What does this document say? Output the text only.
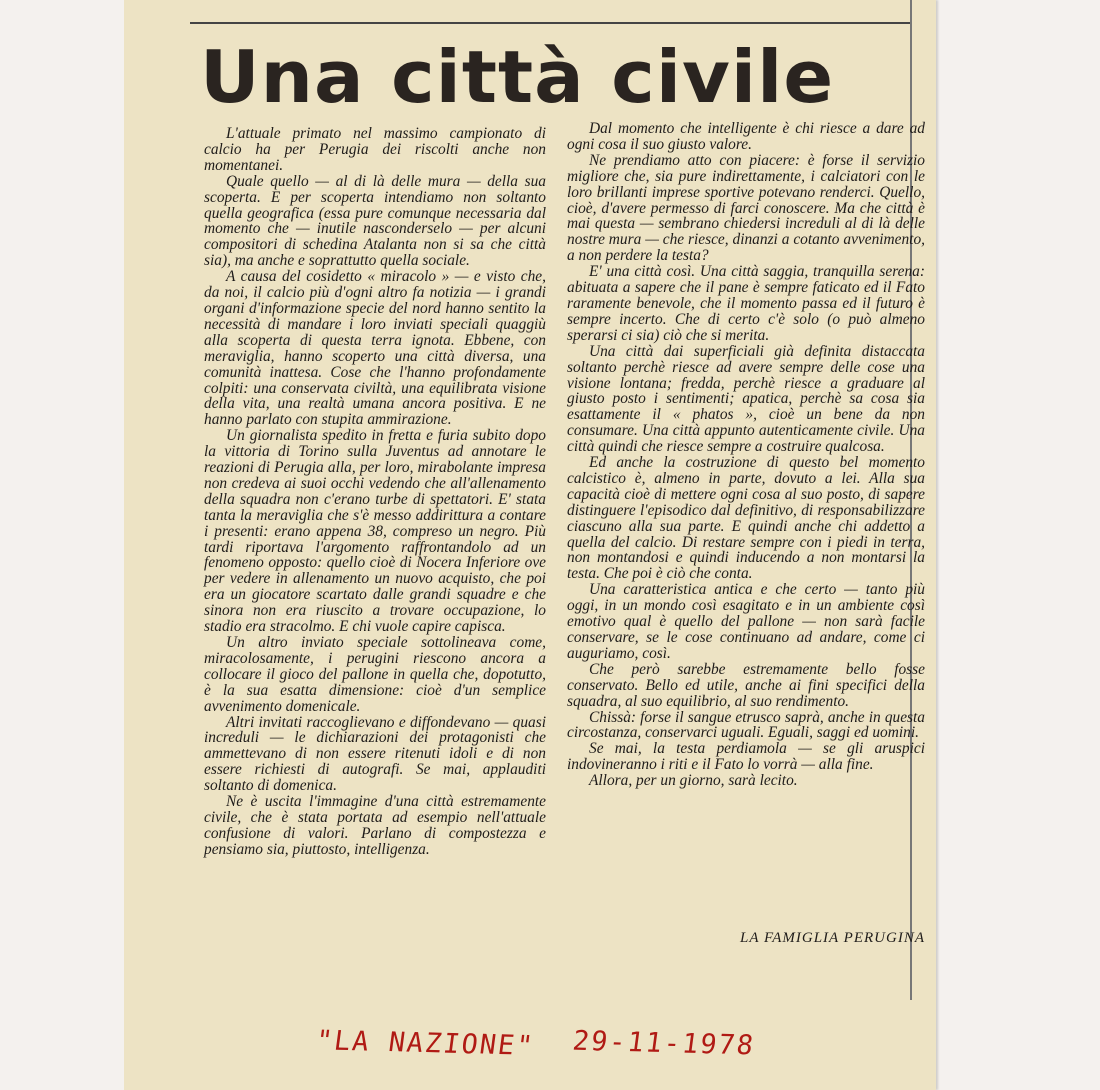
Una città civile

L'attuale primato nel massimo campionato di calcio ha per Perugia dei riscolti anche non momentanei.

Quale quello — al di là delle mura — della sua scoperta. E per scoperta intendiamo non soltanto quella geografica (essa pure comunque necessaria dal momento che — inutile nasconderselo — per alcuni compositori di schedina Atalanta non si sa che città sia), ma anche e soprattutto quella sociale.

A causa del cosidetto « miracolo » — e visto che, da noi, il calcio più d'ogni altro fa notizia — i grandi organi d'informazione specie del nord hanno sentito la necessità di mandare i loro inviati speciali quaggiù alla scoperta di questa terra ignota. Ebbene, con meraviglia, hanno scoperto una città diversa, una comunità inattesa. Cose che l'hanno profondamente colpiti: una conservata civiltà, una equilibrata visione della vita, una realtà umana ancora positiva. E ne hanno parlato con stupita ammirazione.

Un giornalista spedito in fretta e furia subito dopo la vittoria di Torino sulla Juventus ad annotare le reazioni di Perugia alla, per loro, mirabolante impresa non credeva ai suoi occhi vedendo che all'allenamento della squadra non c'erano turbe di spettatori. E' stata tanta la meraviglia che s'è messo addirittura a contare i presenti: erano appena 38, compreso un negro. Più tardi riportava l'argomento raffrontandolo ad un fenomeno opposto: quello cioè di Nocera Inferiore ove per vedere in allenamento un nuovo acquisto, che poi era un giocatore scartato dalle grandi squadre e che sinora non era riuscito a trovare occupazione, lo stadio era stracolmo. E chi vuole capire capisca.

Un altro inviato speciale sottolineava come, miracolosamente, i perugini riescono ancora a collocare il gioco del pallone in quella che, dopotutto, è la sua esatta dimensione: cioè d'un semplice avvenimento domenicale.

Altri invitati raccoglievano e diffondevano — quasi increduli — le dichiarazioni dei protagonisti che ammettevano di non essere ritenuti idoli e di non essere richiesti di autografi. Se mai, applauditi soltanto di domenica.

Ne è uscita l'immagine d'una città estremamente civile, che è stata portata ad esempio nell'attuale confusione di valori. Parlano di compostezza e pensiamo sia, piuttosto, intelligenza.

Dal momento che intelligente è chi riesce a dare ad ogni cosa il suo giusto valore.

Ne prendiamo atto con piacere: è forse il servizio migliore che, sia pure indirettamente, i calciatori con le loro brillanti imprese sportive potevano renderci. Quello, cioè, d'avere permesso di farci conoscere. Ma che città è mai questa — sembrano chiedersi increduli al di là delle nostre mura — che riesce, dinanzi a cotanto avvenimento, a non perdere la testa?

E' una città così. Una città saggia, tranquilla serena: abituata a sapere che il pane è sempre faticato ed il Fato raramente benevole, che il momento passa ed il futuro è sempre incerto. Che di certo c'è solo (o può almeno sperarsi ci sia) ciò che si merita.

Una città dai superficiali già definita distaccata soltanto perchè riesce ad avere sempre delle cose una visione lontana; fredda, perchè riesce a graduare al giusto posto i sentimenti; apatica, perchè sa cosa sia esattamente il « phatos », cioè un bene da non consumare. Una città appunto autenticamente civile. Una città quindi che riesce sempre a costruire qualcosa.

Ed anche la costruzione di questo bel momento calcistico è, almeno in parte, dovuto a lei. Alla sua capacità cioè di mettere ogni cosa al suo posto, di sapere distinguere l'episodico dal definitivo, di responsabilizzare ciascuno alla sua parte. E quindi anche chi addetto a quella del calcio. Di restare sempre con i piedi in terra, non montandosi e quindi inducendo a non montarsi la testa. Che poi è ciò che conta.

Una caratteristica antica e che certo — tanto più oggi, in un mondo così esagitato e in un ambiente così emotivo qual è quello del pallone — non sarà facile conservare, se le cose continuano ad andare, come ci auguriamo, così.

Che però sarebbe estremamente bello fosse conservato. Bello ed utile, anche ai fini specifici della squadra, al suo equilibrio, al suo rendimento.

Chissà: forse il sangue etrusco saprà, anche in questa circostanza, conservarci uguali. Eguali, saggi ed uomini.

Se mai, la testa perdiamola — se gli aruspici indovineranno i riti e il Fato lo vorrà — alla fine.

Allora, per un giorno, sarà lecito.

LA FAMIGLIA PERUGINA
"LA NAZIONE" 29-11-1978
